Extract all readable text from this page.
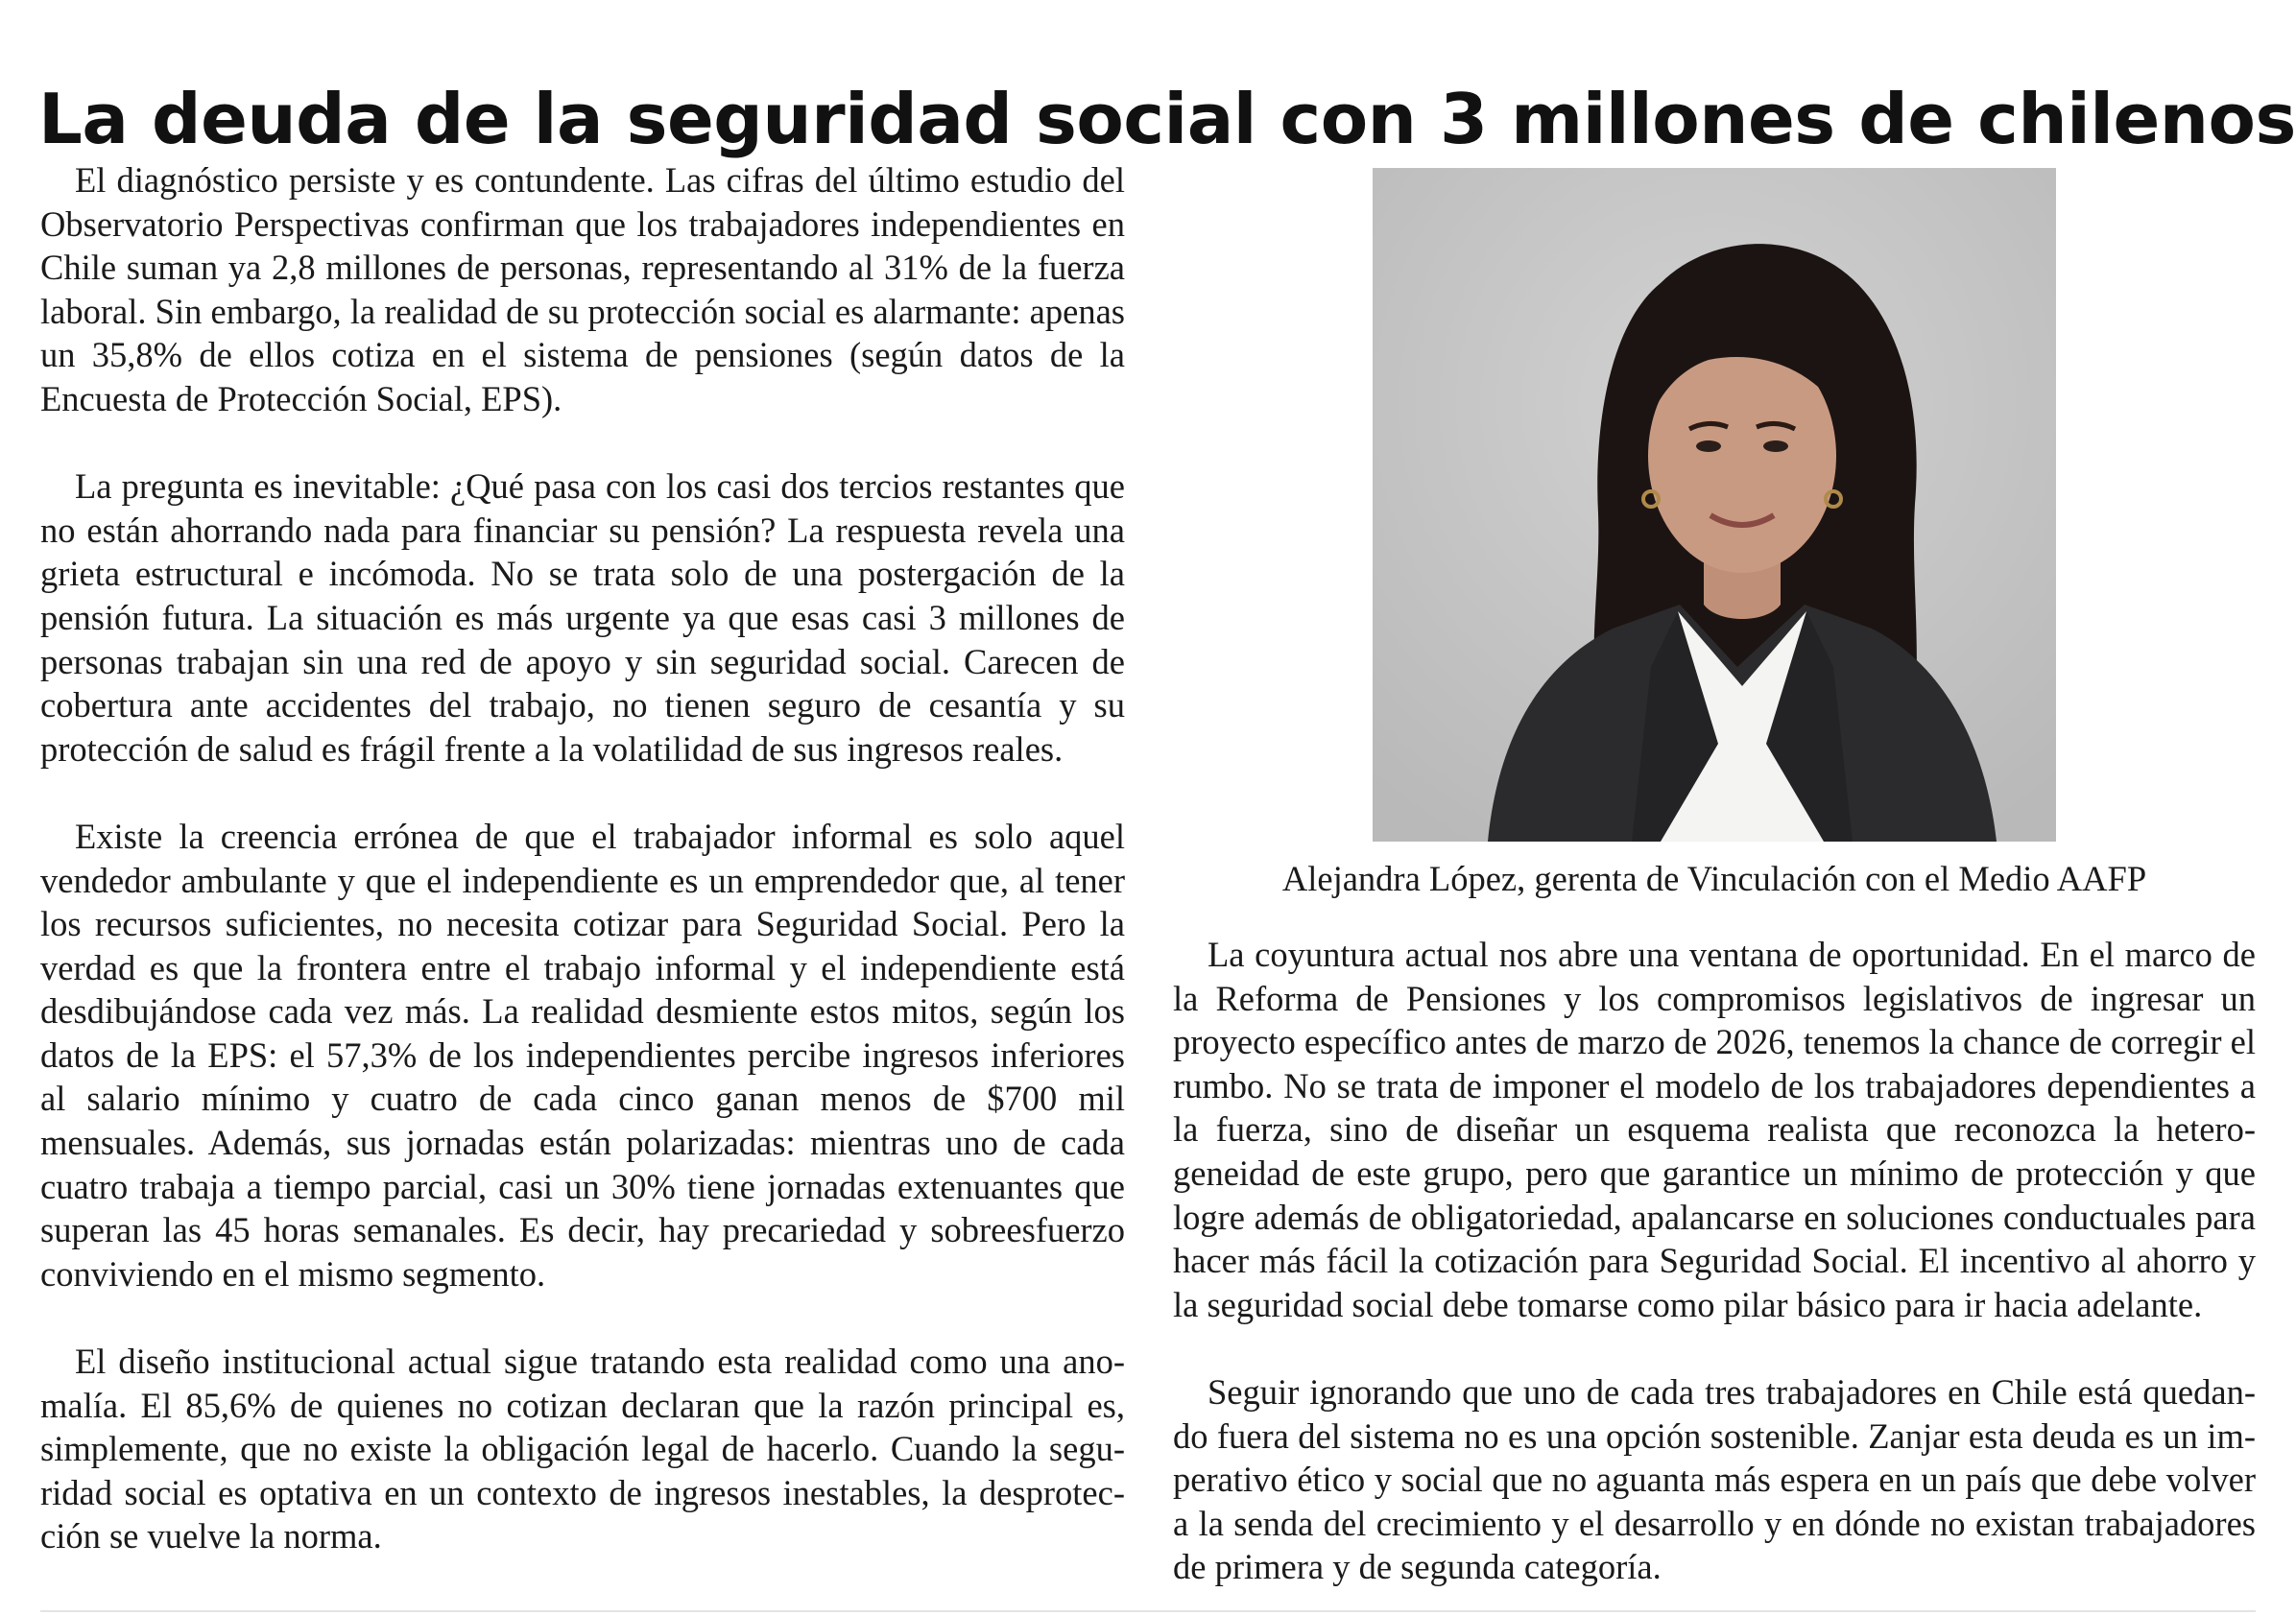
La deuda de la seguridad social con 3 millones de chilenos

El diagnóstico persiste y es contundente. Las cifras del último estudio del Observatorio Perspectivas confirman que los trabajadores independientes en Chile suman ya 2,8 millones de personas, representando al 31% de la fuerza laboral. Sin embargo, la realidad de su protección social es alarmante: apenas un 35,8% de ellos cotiza en el sistema de pensiones (según datos de la Encuesta de Protección Social, EPS).

La pregunta es inevitable: ¿Qué pasa con los casi dos tercios restantes que no están ahorrando nada para financiar su pensión? La respuesta revela una grieta estructural e incómoda. No se trata solo de una postergación de la pensión futura. La situación es más urgente ya que esas casi 3 millones de personas trabajan sin una red de apoyo y sin seguridad social. Carecen de cobertura ante accidentes del trabajo, no tienen seguro de cesantía y su protección de salud es frágil frente a la volatilidad de sus ingresos reales.

Existe la creencia errónea de que el trabajador informal es solo aquel vendedor ambulante y que el independiente es un emprendedor que, al tener los recursos suficientes, no necesita cotizar para Seguridad Social. Pero la verdad es que la frontera entre el trabajo informal y el independiente está desdibujándose cada vez más. La realidad desmiente estos mitos, según los datos de la EPS: el 57,3% de los independientes percibe ingresos inferiores al salario mínimo y cuatro de cada cinco ganan menos de $700 mil mensuales. Además, sus jornadas están polarizadas: mientras uno de cada cuatro trabaja a tiempo parcial, casi un 30% tiene jornadas extenuantes que superan las 45 horas semanales. Es decir, hay precariedad y sobreesfuerzo conviviendo en el mismo segmento.

El diseño institucional actual sigue tratando esta realidad como una anomalía. El 85,6% de quienes no cotizan declaran que la razón principal es, simplemente, que no existe la obligación legal de hacerlo. Cuando la seguridad social es optativa en un contexto de ingresos inestables, la desprotección se vuelve la norma.

Alejandra López, gerenta de Vinculación con el Medio AAFP

La coyuntura actual nos abre una ventana de oportunidad. En el marco de la Reforma de Pensiones y los compromisos legislativos de ingresar un proyecto específico antes de marzo de 2026, tenemos la chance de corregir el rumbo. No se trata de imponer el modelo de los trabajadores dependientes a la fuerza, sino de diseñar un esquema realista que reconozca la heterogeneidad de este grupo, pero que garantice un mínimo de protección y que logre además de obligatoriedad, apalancarse en soluciones conductuales para hacer más fácil la cotización para Seguridad Social. El incentivo al ahorro y la seguridad social debe tomarse como pilar básico para ir hacia adelante.

Seguir ignorando que uno de cada tres trabajadores en Chile está quedando fuera del sistema no es una opción sostenible. Zanjar esta deuda es un imperativo ético y social que no aguanta más espera en un país que debe volver a la senda del crecimiento y el desarrollo y en dónde no existan trabajadores de primera y de segunda categoría.
